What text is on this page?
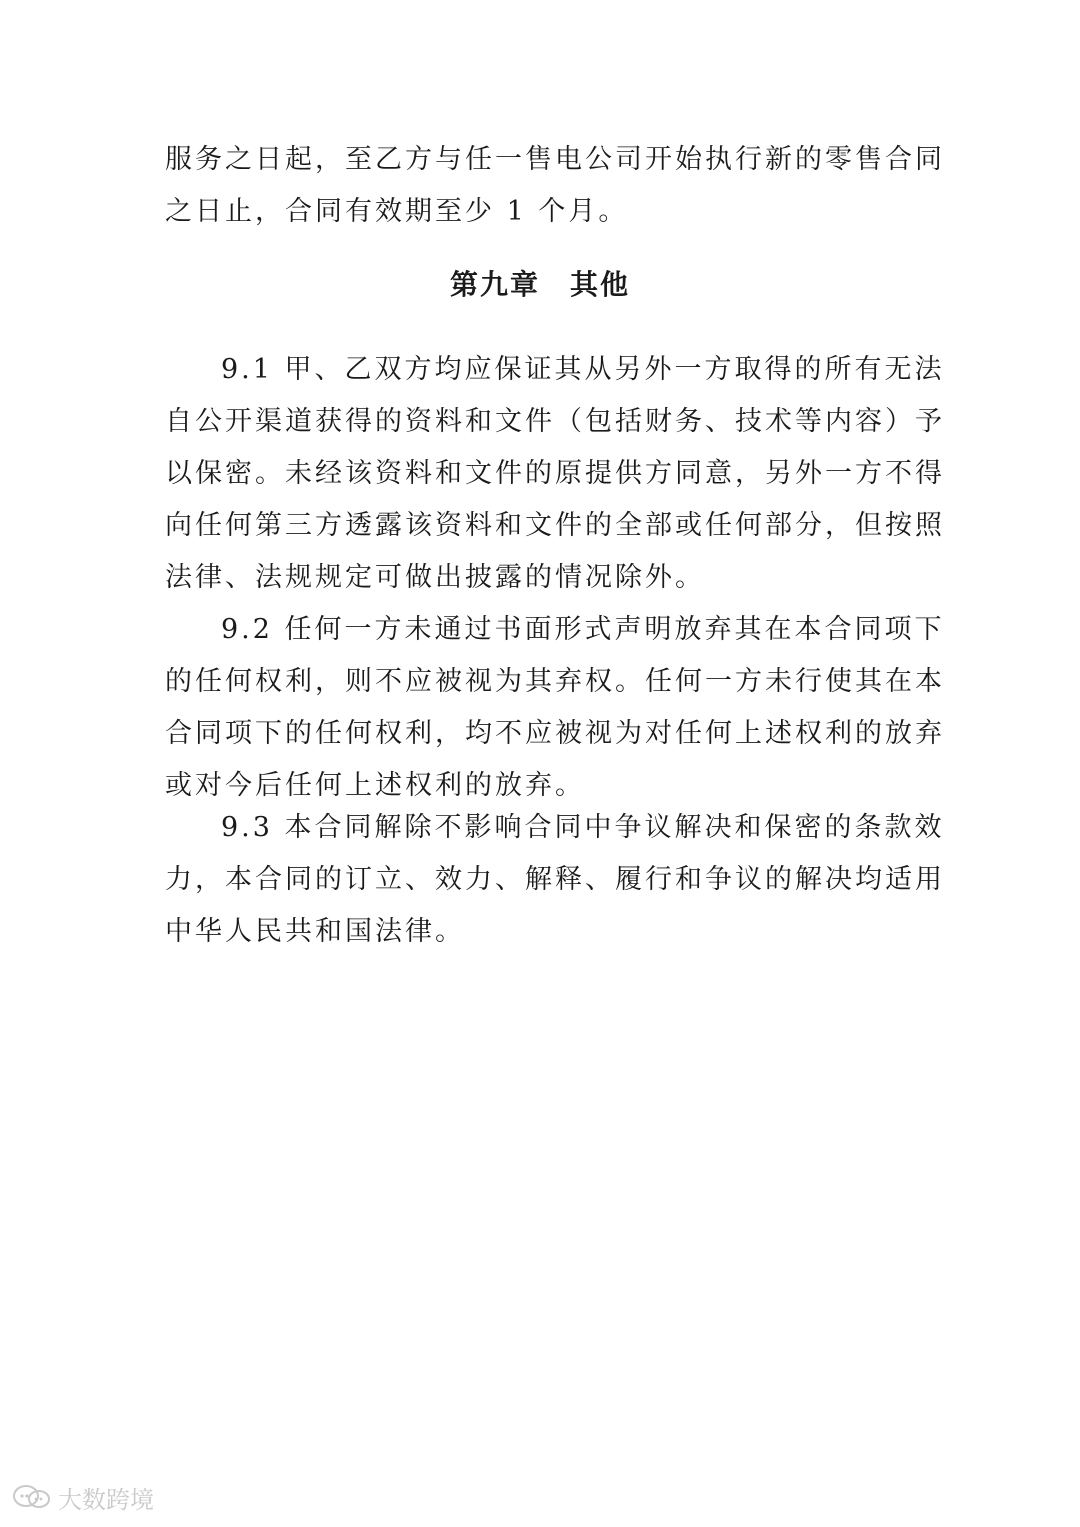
服务之日起，至乙方与任一售电公司开始执行新的零售合同
之日止，合同有效期至少 1 个月。
第九章　其他
9.1 甲、乙双方均应保证其从另外一方取得的所有无法
自公开渠道获得的资料和文件（包括财务、技术等内容）予
以保密。未经该资料和文件的原提供方同意，另外一方不得
向任何第三方透露该资料和文件的全部或任何部分，但按照
法律、法规规定可做出披露的情况除外。
9.2 任何一方未通过书面形式声明放弃其在本合同项下
的任何权利，则不应被视为其弃权。任何一方未行使其在本
合同项下的任何权利，均不应被视为对任何上述权利的放弃
或对今后任何上述权利的放弃。
9.3 本合同解除不影响合同中争议解决和保密的条款效
力，本合同的订立、效力、解释、履行和争议的解决均适用
中华人民共和国法律。
大数跨境
